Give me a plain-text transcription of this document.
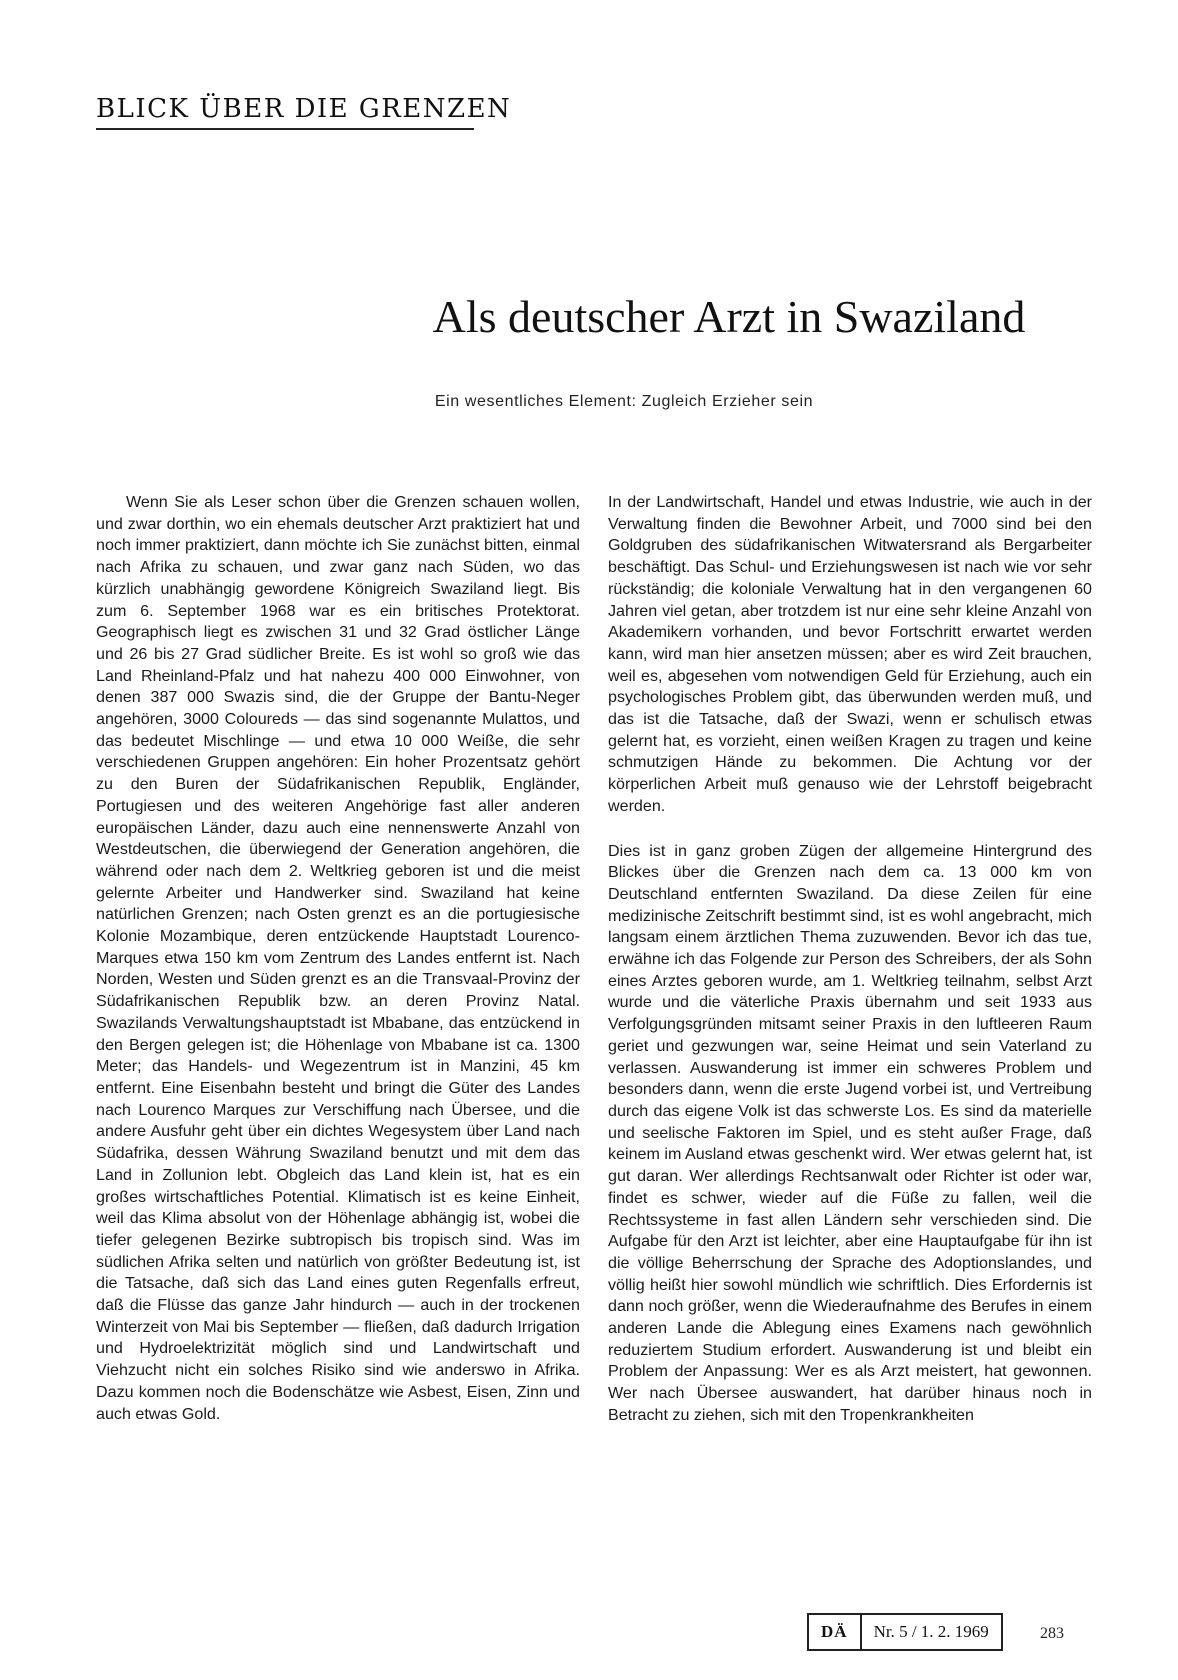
BLICK ÜBER DIE GRENZEN
Als deutscher Arzt in Swaziland
Ein wesentliches Element: Zugleich Erzieher sein

Wenn Sie als Leser schon über die Grenzen schauen wollen, und zwar dorthin, wo ein ehemals deutscher Arzt praktiziert hat und noch immer praktiziert, dann möchte ich Sie zunächst bitten, einmal nach Afrika zu schauen, und zwar ganz nach Süden, wo das kürzlich unabhängig gewordene Königreich Swaziland liegt. Bis zum 6. September 1968 war es ein britisches Protektorat. Geographisch liegt es zwischen 31 und 32 Grad östlicher Länge und 26 bis 27 Grad südlicher Breite. Es ist wohl so groß wie das Land Rheinland-Pfalz und hat nahezu 400 000 Einwohner, von denen 387 000 Swazis sind, die der Gruppe der Bantu-Neger angehören, 3000 Coloureds — das sind sogenannte Mulattos, und das bedeutet Mischlinge — und etwa 10 000 Weiße, die sehr verschiedenen Gruppen angehören: Ein hoher Prozentsatz gehört zu den Buren der Südafrikanischen Republik, Engländer, Portugiesen und des weiteren Angehörige fast aller anderen europäischen Länder, dazu auch eine nennenswerte Anzahl von Westdeutschen, die überwiegend der Generation angehören, die während oder nach dem 2. Weltkrieg geboren ist und die meist gelernte Arbeiter und Handwerker sind. Swaziland hat keine natürlichen Grenzen; nach Osten grenzt es an die portugiesische Kolonie Mozambique, deren entzückende Hauptstadt Lourenco-Marques etwa 150 km vom Zentrum des Landes entfernt ist. Nach Norden, Westen und Süden grenzt es an die Transvaal-Provinz der Südafrikanischen Republik bzw. an deren Provinz Natal. Swazilands Verwaltungshauptstadt ist Mbabane, das entzückend in den Bergen gelegen ist; die Höhenlage von Mbabane ist ca. 1300 Meter; das Handels- und Wegezentrum ist in Manzini, 45 km entfernt. Eine Eisenbahn besteht und bringt die Güter des Landes nach Lourenco Marques zur Verschiffung nach Übersee, und die andere Ausfuhr geht über ein dichtes Wegesystem über Land nach Südafrika, dessen Währung Swaziland benutzt und mit dem das Land in Zollunion lebt. Obgleich das Land klein ist, hat es ein großes wirtschaftliches Potential. Klimatisch ist es keine Einheit, weil das Klima absolut von der Höhenlage abhängig ist, wobei die tiefer gelegenen Bezirke subtropisch bis tropisch sind. Was im südlichen Afrika selten und natürlich von größter Bedeutung ist, ist die Tatsache, daß sich das Land eines guten Regenfalls erfreut, daß die Flüsse das ganze Jahr hindurch — auch in der trockenen Winterzeit von Mai bis September — fließen, daß dadurch Irrigation und Hydroelektrizität möglich sind und Landwirtschaft und Viehzucht nicht ein solches Risiko sind wie anderswo in Afrika. Dazu kommen noch die Bodenschätze wie Asbest, Eisen, Zinn und auch etwas Gold.

In der Landwirtschaft, Handel und etwas Industrie, wie auch in der Verwaltung finden die Bewohner Arbeit, und 7000 sind bei den Goldgruben des südafrikanischen Witwatersrand als Bergarbeiter beschäftigt. Das Schul- und Erziehungswesen ist nach wie vor sehr rückständig; die koloniale Verwaltung hat in den vergangenen 60 Jahren viel getan, aber trotzdem ist nur eine sehr kleine Anzahl von Akademikern vorhanden, und bevor Fortschritt erwartet werden kann, wird man hier ansetzen müssen; aber es wird Zeit brauchen, weil es, abgesehen vom notwendigen Geld für Erziehung, auch ein psychologisches Problem gibt, das überwunden werden muß, und das ist die Tatsache, daß der Swazi, wenn er schulisch etwas gelernt hat, es vorzieht, einen weißen Kragen zu tragen und keine schmutzigen Hände zu bekommen. Die Achtung vor der körperlichen Arbeit muß genauso wie der Lehrstoff beigebracht werden.

Dies ist in ganz groben Zügen der allgemeine Hintergrund des Blickes über die Grenzen nach dem ca. 13 000 km von Deutschland entfernten Swaziland. Da diese Zeilen für eine medizinische Zeitschrift bestimmt sind, ist es wohl angebracht, mich langsam einem ärztlichen Thema zuzuwenden. Bevor ich das tue, erwähne ich das Folgende zur Person des Schreibers, der als Sohn eines Arztes geboren wurde, am 1. Weltkrieg teilnahm, selbst Arzt wurde und die väterliche Praxis übernahm und seit 1933 aus Verfolgungsgründen mitsamt seiner Praxis in den luftleeren Raum geriet und gezwungen war, seine Heimat und sein Vaterland zu verlassen. Auswanderung ist immer ein schweres Problem und besonders dann, wenn die erste Jugend vorbei ist, und Vertreibung durch das eigene Volk ist das schwerste Los. Es sind da materielle und seelische Faktoren im Spiel, und es steht außer Frage, daß keinem im Ausland etwas geschenkt wird. Wer etwas gelernt hat, ist gut daran. Wer allerdings Rechtsanwalt oder Richter ist oder war, findet es schwer, wieder auf die Füße zu fallen, weil die Rechtssysteme in fast allen Ländern sehr verschieden sind. Die Aufgabe für den Arzt ist leichter, aber eine Hauptaufgabe für ihn ist die völlige Beherrschung der Sprache des Adoptionslandes, und völlig heißt hier sowohl mündlich wie schriftlich. Dies Erfordernis ist dann noch größer, wenn die Wiederaufnahme des Berufes in einem anderen Lande die Ablegung eines Examens nach gewöhnlich reduziertem Studium erfordert. Auswanderung ist und bleibt ein Problem der Anpassung: Wer es als Arzt meistert, hat gewonnen. Wer nach Übersee auswandert, hat darüber hinaus noch in Betracht zu ziehen, sich mit den Tropenkrankheiten

DÄ	Nr. 5 / 1. 2. 1969	283
